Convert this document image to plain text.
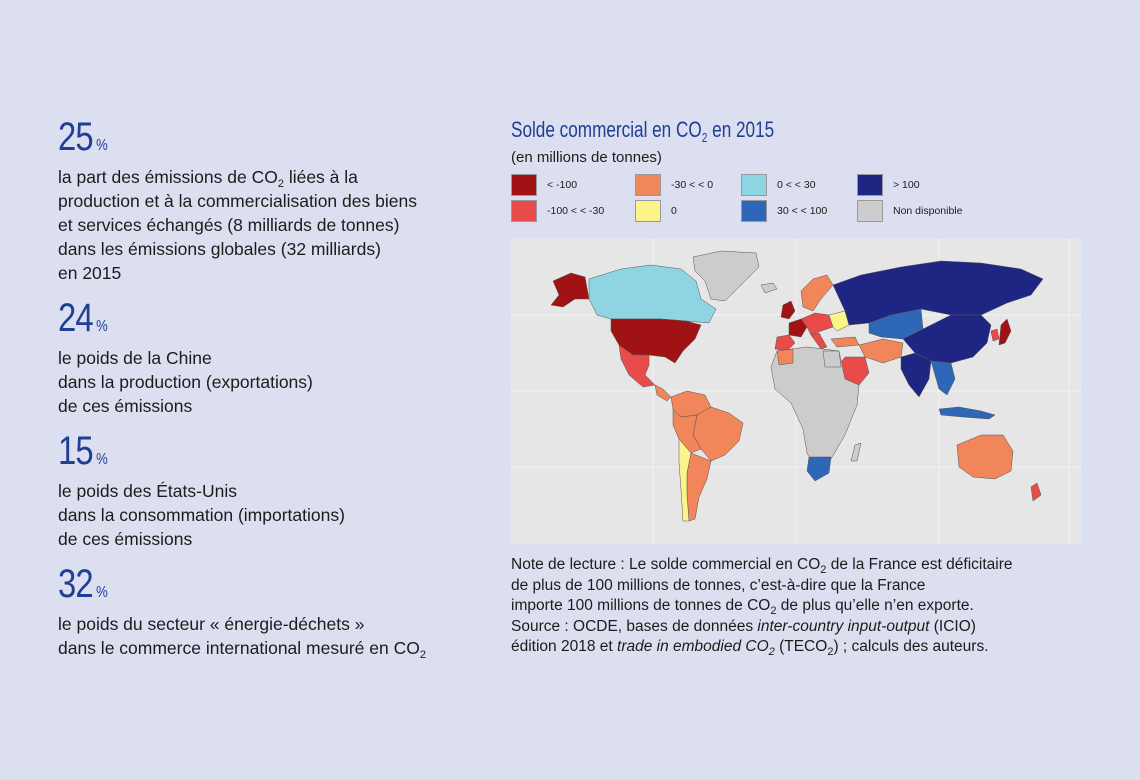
25 %
la part des émissions de $CO_2$ liées à la
production et à la commercialisation des biens
et services échangés (8 milliards de tonnes)
dans les émissions globales (32 milliards)
en 2015
24 %
le poids de la Chine
dans la production (exportations)
de ces émissions
15 %
le poids des États-Unis
dans la consommation (importations)
de ces émissions
32 %
le poids du secteur « énergie-déchets »
dans le commerce international mesuré en $CO_2$
Solde commercial en $CO_2$ en 2015
(en millions de tonnes)
< -100
-100 < < -30
-30 < < 0
0
0 < < 30
30 < < 100
> 100
Non disponible
Note de lecture : Le solde commercial en $CO_2$ de la France est déficitaire
de plus de 100 millions de tonnes, c’est-à-dire que la France
importe 100 millions de tonnes de $CO_2$ de plus qu’elle n’en exporte.
Source : OCDE, bases de données inter-country input-output (ICIO)
édition 2018 et trade in embodied $CO_2$ $(TECO_2)$ ; calculs des auteurs.
